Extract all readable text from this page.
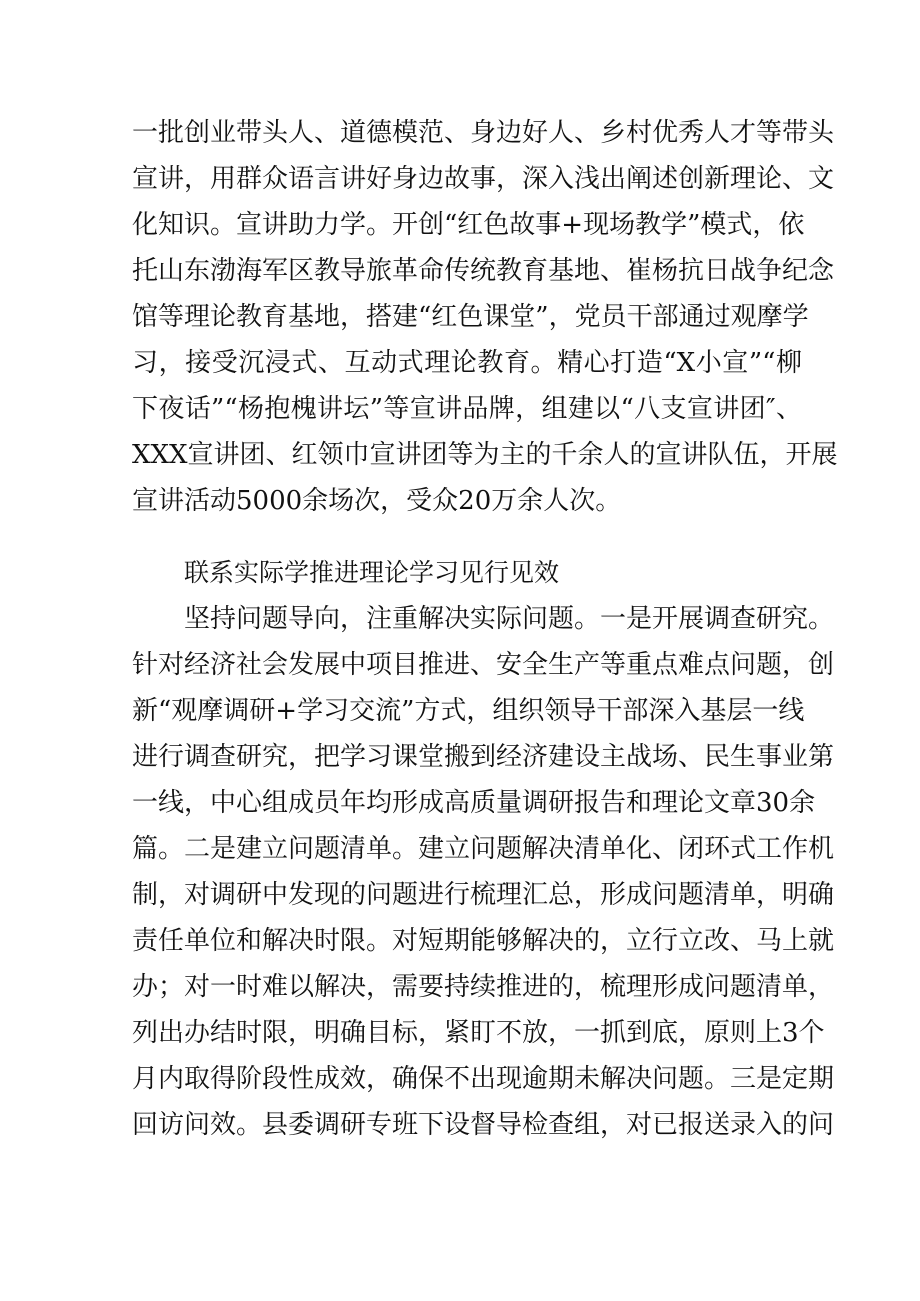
一批创业带头人、道德模范、身边好人、乡村优秀人才等带头
宣讲，用群众语言讲好身边故事，深入浅出阐述创新理论、文
化知识。宣讲助力学。开创“红色故事+现场教学”模式，依
托山东渤海军区教导旅革命传统教育基地、崔杨抗日战争纪念
馆等理论教育基地，搭建“红色课堂”，党员干部通过观摩学
习，接受沉浸式、互动式理论教育。精心打造“X小宣”“柳
下夜话”“杨抱槐讲坛”等宣讲品牌，组建以“八支宣讲团″、
XXX宣讲团、红领巾宣讲团等为主的千余人的宣讲队伍，开展
宣讲活动5000余场次，受众20万余人次。
联系实际学推进理论学习见行见效
坚持问题导向，注重解决实际问题。一是开展调查研究。
针对经济社会发展中项目推进、安全生产等重点难点问题，创
新“观摩调研+学习交流”方式，组织领导干部深入基层一线
进行调查研究，把学习课堂搬到经济建设主战场、民生事业第
一线，中心组成员年均形成高质量调研报告和理论文章30余
篇。二是建立问题清单。建立问题解决清单化、闭环式工作机
制，对调研中发现的问题进行梳理汇总，形成问题清单，明确
责任单位和解决时限。对短期能够解决的，立行立改、马上就
办；对一时难以解决，需要持续推进的，梳理形成问题清单，
列出办结时限，明确目标，紧盯不放，一抓到底，原则上3个
月内取得阶段性成效，确保不出现逾期未解决问题。三是定期
回访问效。县委调研专班下设督导检查组，对已报送录入的问
